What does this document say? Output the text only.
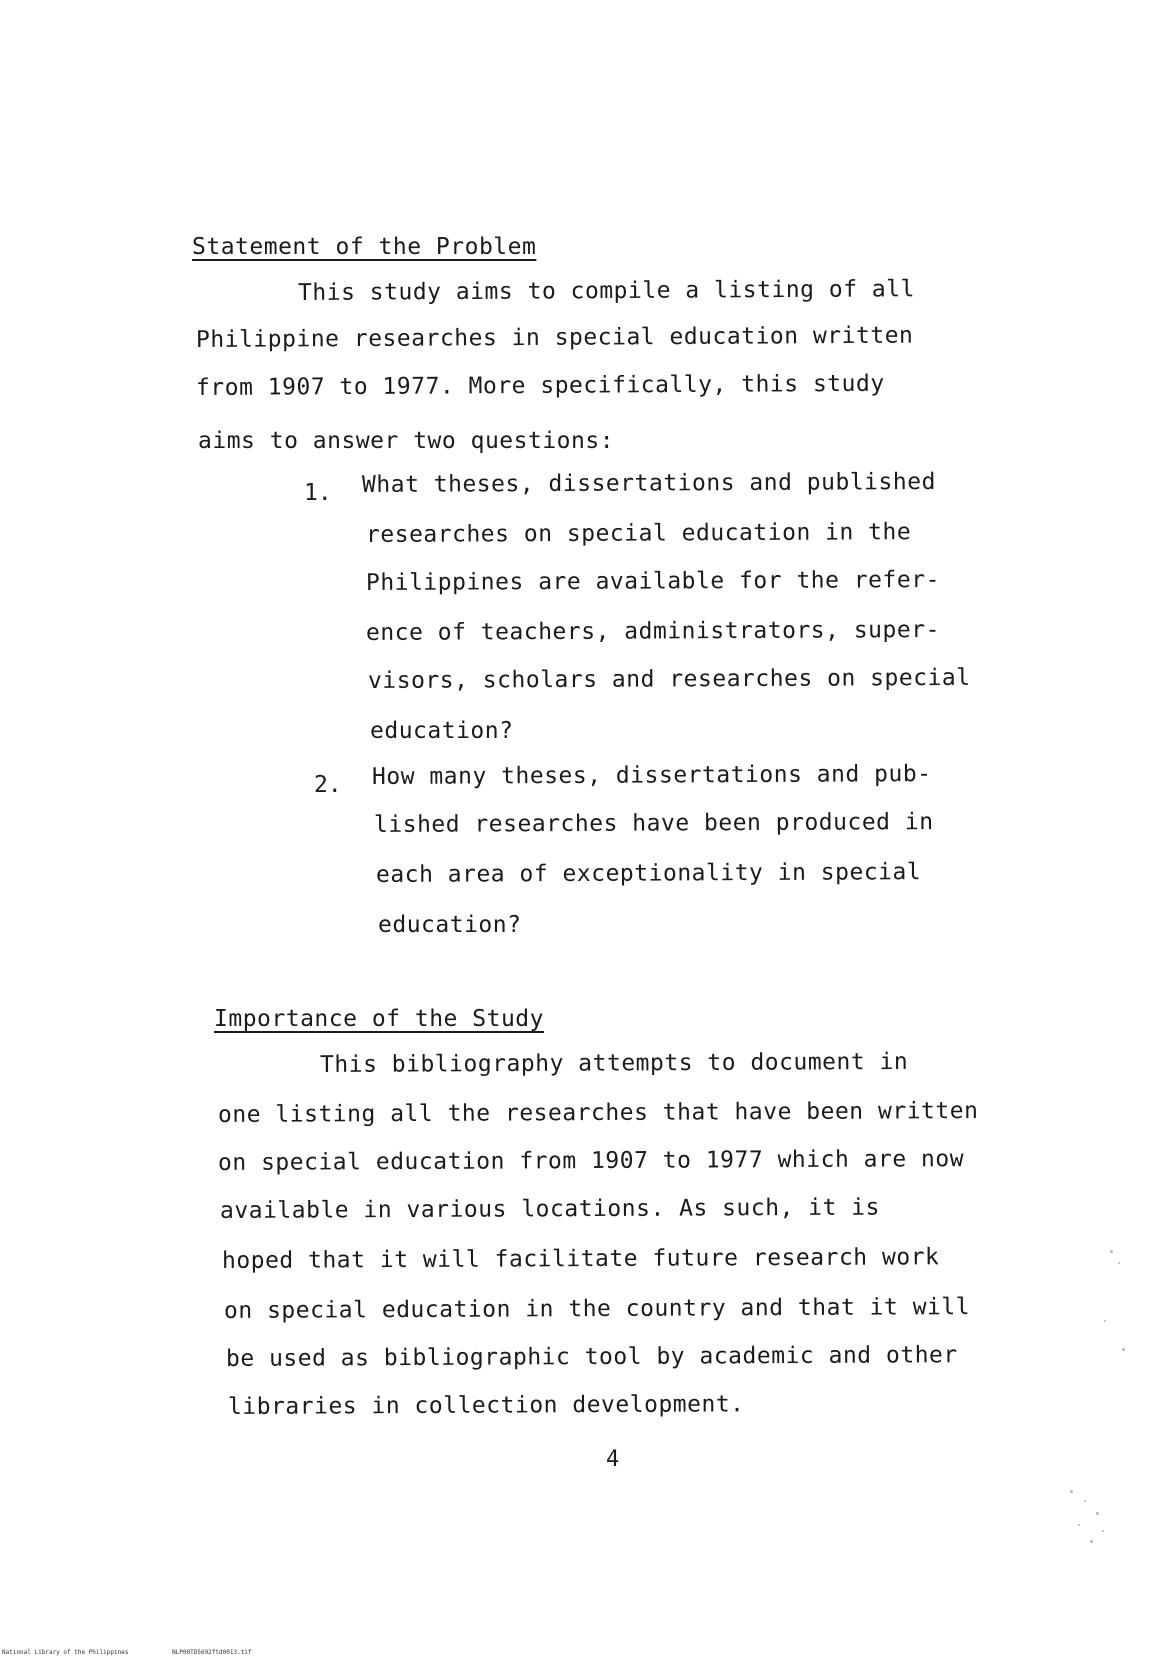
Statement of the Problem
This study aims to compile a listing of all
Philippine researches in special education written
from 1907 to 1977. More specifically, this study
aims to answer two questions:
1. What theses, dissertations and published
researches on special education in the
Philippines are available for the refer-
ence of teachers, administrators, super-
visors, scholars and researches on special
education?
2. How many theses, dissertations and pub-
lished researches have been produced in
each area of exceptionality in special
education?
Importance of the Study
This bibliography attempts to document in
one listing all the researches that have been written
on special education from 1907 to 1977 which are now
available in various locations. As such, it is
hoped that it will facilitate future research work
on special education in the country and that it will
be used as bibliographic tool by academic and other
libraries in collection development.
4
National Library of the Philippines	NLP00TD5692ftd0013.tif
